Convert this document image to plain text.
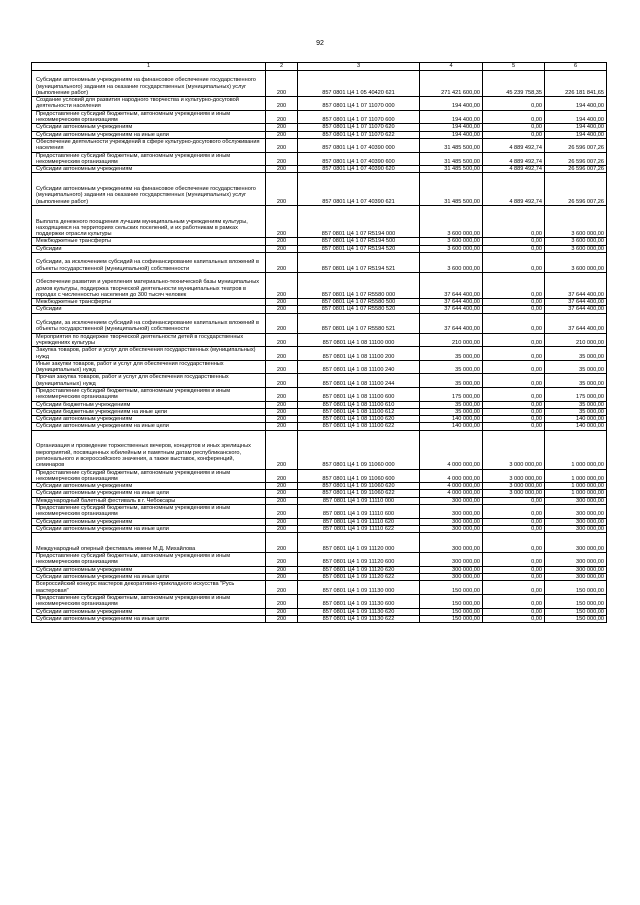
92
1	2	3	4	5	6
Субсидии автономным учреждениям на финансовое обеспечение государственного (муниципального) задания на оказание государственных (муниципальных) услуг (выполнение работ)	200	857 0801 Ц4 1 05 40420 621	271 421 600,00	45 239 758,35	226 181 841,65
Создание условий для развития народного творчества и культурно-досуговой деятельности населения	200	857 0801 Ц4 1 07 11070 000	194 400,00	0,00	194 400,00
Предоставление субсидий бюджетным, автономным учреждениям и иным некоммерческим организациям	200	857 0801 Ц4 1 07 11070 600	194 400,00	0,00	194 400,00
Субсидии автономным учреждениям	200	857 0801 Ц4 1 07 11070 620	194 400,00	0,00	194 400,00
Субсидии автономным учреждениям на иные цели	200	857 0801 Ц4 1 07 11070 622	194 400,00	0,00	194 400,00
Обеспечение деятельности учреждений в сфере культурно-досугового обслуживания населения	200	857 0801 Ц4 1 07 40390 000	31 485 500,00	4 889 492,74	26 596 007,26
Предоставление субсидий бюджетным, автономным учреждениям и иным некоммерческим организациям	200	857 0801 Ц4 1 07 40390 600	31 485 500,00	4 889 492,74	26 596 007,26
Субсидии автономным учреждениям	200	857 0801 Ц4 1 07 40390 620	31 485 500,00	4 889 492,74	26 596 007,26
Субсидии автономным учреждениям на финансовое обеспечение государственного (муниципального) задания на оказание государственных (муниципальных) услуг (выполнение работ)	200	857 0801 Ц4 1 07 40390 621	31 485 500,00	4 889 492,74	26 596 007,26
Выплата денежного поощрения лучшим муниципальным учреждениям культуры, находящимся на территориях сельских поселений, и их работникам в рамках поддержки отрасли культуры	200	857 0801 Ц4 1 07 R5194 000	3 600 000,00	0,00	3 600 000,00
Межбюджетные трансферты	200	857 0801 Ц4 1 07 R5194 500	3 600 000,00	0,00	3 600 000,00
Субсидии	200	857 0801 Ц4 1 07 R5194 520	3 600 000,00	0,00	3 600 000,00
Субсидии, за исключением субсидий на софинансирование капитальных вложений в объекты государственной (муниципальной) собственности	200	857 0801 Ц4 1 07 R5194 521	3 600 000,00	0,00	3 600 000,00
Обеспечение развития и укрепления материально-технической базы муниципальных домов культуры, поддержка творческой деятельности муниципальных театров в городах с численностью населения до 300 тысяч человек	200	857 0801 Ц4 1 07 R5580 000	37 644 400,00	0,00	37 644 400,00
Межбюджетные трансферты	200	857 0801 Ц4 1 07 R5580 500	37 644 400,00	0,00	37 644 400,00
Субсидии	200	857 0801 Ц4 1 07 R5580 520	37 644 400,00	0,00	37 644 400,00
Субсидии, за исключением субсидий на софинансирование капитальных вложений в объекты государственной (муниципальной) собственности	200	857 0801 Ц4 1 07 R5580 521	37 644 400,00	0,00	37 644 400,00
Мероприятия по поддержке творческой деятельности детей в государственных учреждениях культуры	200	857 0801 Ц4 1 08 11100 000	210 000,00	0,00	210 000,00
Закупка товаров, работ и услуг для обеспечения государственных (муниципальных) нужд	200	857 0801 Ц4 1 08 11100 200	35 000,00	0,00	35 000,00
Иные закупки товаров, работ и услуг для обеспечения государственных (муниципальных) нужд	200	857 0801 Ц4 1 08 11100 240	35 000,00	0,00	35 000,00
Прочая закупка товаров, работ и услуг для обеспечения государственных (муниципальных) нужд	200	857 0801 Ц4 1 08 11100 244	35 000,00	0,00	35 000,00
Предоставление субсидий бюджетным, автономным учреждениям и иным некоммерческим организациям	200	857 0801 Ц4 1 08 11100 600	175 000,00	0,00	175 000,00
Субсидии бюджетным учреждениям	200	857 0801 Ц4 1 08 11100 610	35 000,00	0,00	35 000,00
Субсидии бюджетным учреждениям на иные цели	200	857 0801 Ц4 1 08 11100 612	35 000,00	0,00	35 000,00
Субсидии автономным учреждениям	200	857 0801 Ц4 1 08 11100 620	140 000,00	0,00	140 000,00
Субсидии автономным учреждениям на иные цели	200	857 0801 Ц4 1 08 11100 622	140 000,00	0,00	140 000,00
Организация и проведение торжественных вечеров, концертов и иных зрелищных мероприятий, посвященных юбилейным и памятным датам республиканского, регионального и всероссийского значения, а также выставок, конференций, семинаров	200	857 0801 Ц4 1 09 11060 000	4 000 000,00	3 000 000,00	1 000 000,00
Предоставление субсидий бюджетным, автономным учреждениям и иным некоммерческим организациям	200	857 0801 Ц4 1 09 11060 600	4 000 000,00	3 000 000,00	1 000 000,00
Субсидии автономным учреждениям	200	857 0801 Ц4 1 09 11060 620	4 000 000,00	3 000 000,00	1 000 000,00
Субсидии автономным учреждениям на иные цели	200	857 0801 Ц4 1 09 11060 622	4 000 000,00	3 000 000,00	1 000 000,00
Международный балетный фестиваль в г. Чебоксары	200	857 0801 Ц4 1 09 11110 000	300 000,00	0,00	300 000,00
Предоставление субсидий бюджетным, автономным учреждениям и иным некоммерческим организациям	200	857 0801 Ц4 1 09 11110 600	300 000,00	0,00	300 000,00
Субсидии автономным учреждениям	200	857 0801 Ц4 1 09 11110 620	300 000,00	0,00	300 000,00
Субсидии автономным учреждениям на иные цели	200	857 0801 Ц4 1 09 11110 622	300 000,00	0,00	300 000,00
Международный оперный фестиваль имени М.Д. Михайлова	200	857 0801 Ц4 1 09 11120 000	300 000,00	0,00	300 000,00
Предоставление субсидий бюджетным, автономным учреждениям и иным некоммерческим организациям	200	857 0801 Ц4 1 09 11120 600	300 000,00	0,00	300 000,00
Субсидии автономным учреждениям	200	857 0801 Ц4 1 09 11120 620	300 000,00	0,00	300 000,00
Субсидии автономным учреждениям на иные цели	200	857 0801 Ц4 1 09 11120 622	300 000,00	0,00	300 000,00
Всероссийский конкурс мастеров декоративно-прикладного искусства "Русь мастеровая"	200	857 0801 Ц4 1 09 11130 000	150 000,00	0,00	150 000,00
Предоставление субсидий бюджетным, автономным учреждениям и иным некоммерческим организациям	200	857 0801 Ц4 1 09 11130 600	150 000,00	0,00	150 000,00
Субсидии автономным учреждениям	200	857 0801 Ц4 1 09 11130 620	150 000,00	0,00	150 000,00
Субсидии автономным учреждениям на иные цели	200	857 0801 Ц4 1 09 11130 622	150 000,00	0,00	150 000,00
